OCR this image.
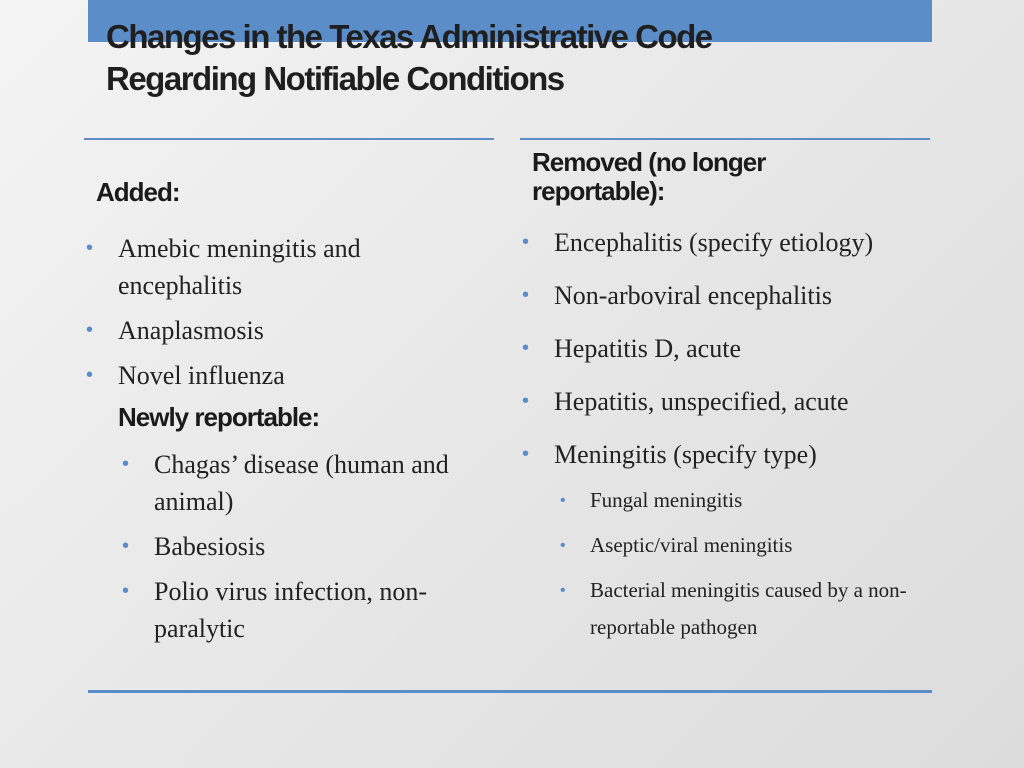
Changes in the Texas Administrative Code
Regarding Notifiable Conditions
Added:
• Amebic meningitis and encephalitis
• Anaplasmosis
• Novel influenza
Newly reportable:
• Chagas’ disease (human and animal)
• Babesiosis
• Polio virus infection, non-paralytic
Removed (no longer reportable):
• Encephalitis (specify etiology)
• Non-arboviral encephalitis
• Hepatitis D, acute
• Hepatitis, unspecified, acute
• Meningitis (specify type)
• Fungal meningitis
• Aseptic/viral meningitis
• Bacterial meningitis caused by a non-reportable pathogen
